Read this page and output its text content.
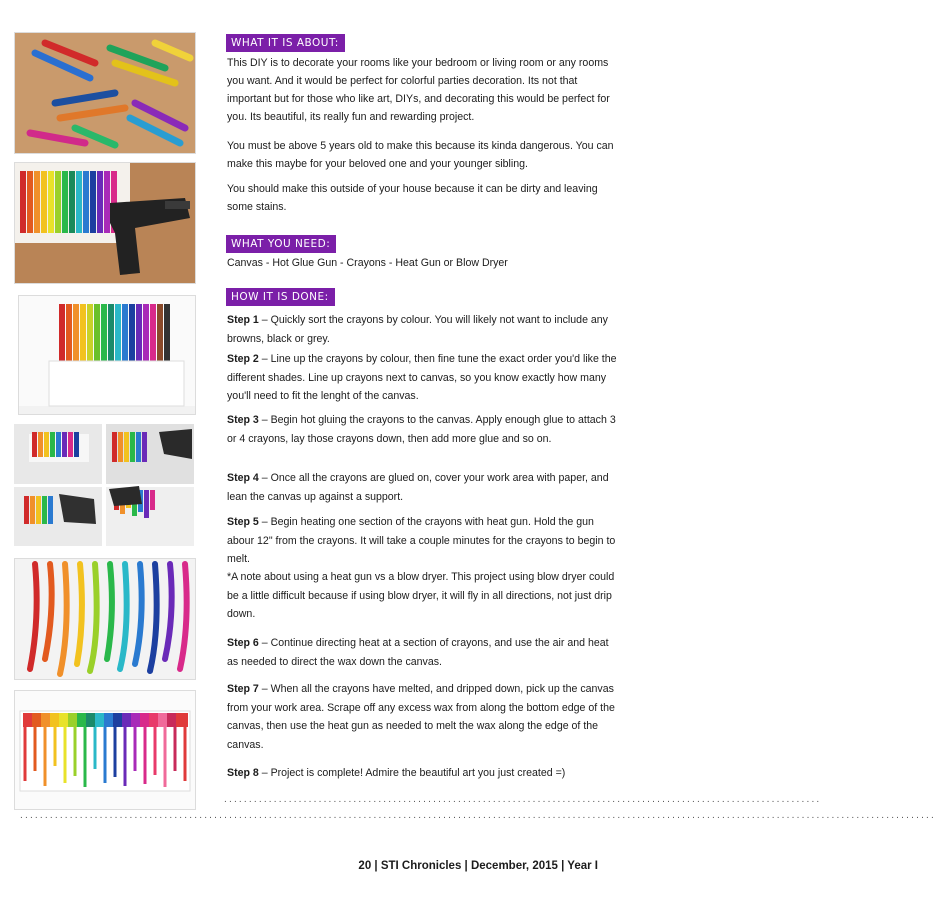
WHAT IT IS ABOUT:

This DIY is to decorate your rooms like your bedroom or living room or any rooms you want. And it would be perfect for colorful parties decoration. Its not that important but for those who like art, DIYs, and decorating this would be perfect for you. Its beautiful, its really fun and rewarding project.

You must be above 5 years old to make this because its kinda dangerous. You can make this maybe for your beloved one and your younger sibling.

You should make this outside of your house because it can be dirty and leaving some stains.

WHAT YOU NEED:

Canvas - Hot Glue Gun - Crayons - Heat Gun or Blow Dryer

HOW IT IS DONE:

Step 1 – Quickly sort the crayons by colour. You will likely not want to include any browns, black or grey.

Step 2 – Line up the crayons by colour, then fine tune the exact order you'd like the different shades. Line up crayons next to canvas, so you know exactly how many you'll need to fit the lenght of the canvas.

Step 3 – Begin hot gluing the crayons to the canvas. Apply enough glue to attach 3 or 4 crayons, lay those crayons down, then add more glue and so on.

Step 4 – Once all the crayons are glued on, cover your work area with paper, and lean the canvas up against a support.

Step 5 – Begin heating one section of the crayons with heat gun. Hold the gun abour 12" from the crayons. It will take a couple minutes for the crayons to begin to melt.

*A note about using a heat gun vs a blow dryer. This project using blow dryer could be a little difficult because if using blow dryer, it will fly in all directions, not just drip down.

Step 6 – Continue directing heat at a section of crayons, and use the air and heat as needed to direct the wax down the canvas.

Step 7 – When all the crayons have melted, and dripped down, pick up the canvas from your work area. Scrape off any excess wax from along the bottom edge of the canvas, then use the heat gun as needed to melt the wax along the edge of the canvas.

Step 8 – Project is complete! Admire the beautiful art you just created =)

........................................................................................................................
........................................................................................................................................................................................
20 | STI Chronicles | December, 2015 | Year I
